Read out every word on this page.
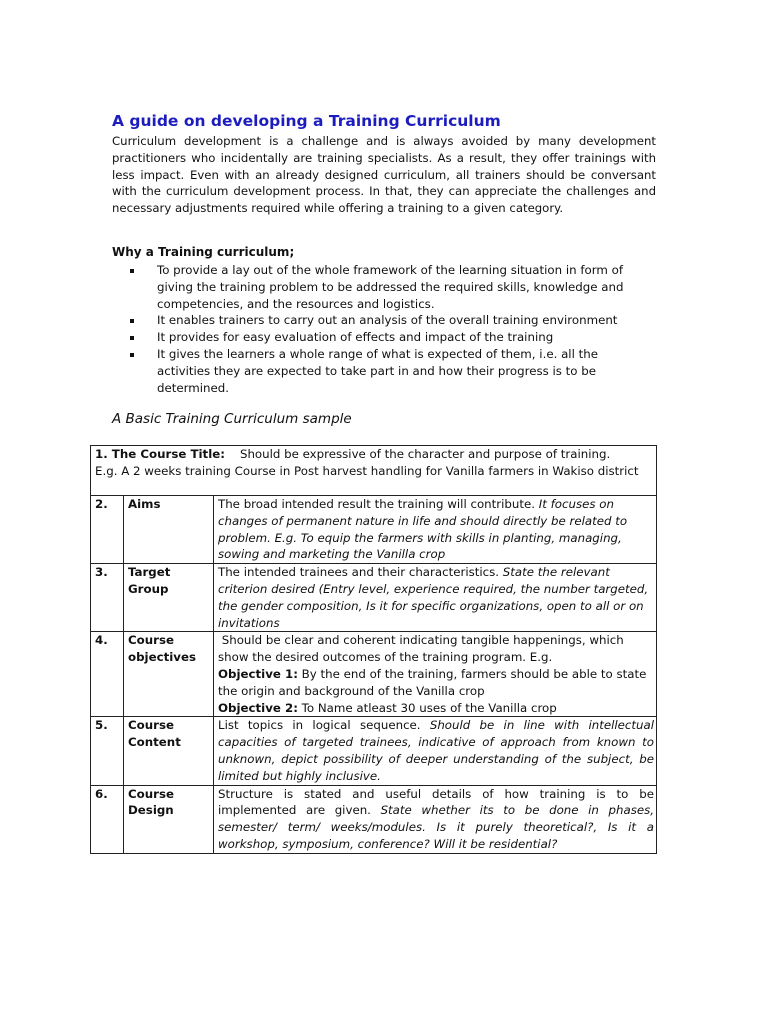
A guide on developing a Training Curriculum

Curriculum development is a challenge and is always avoided by many development practitioners who incidentally are training specialists. As a result, they offer trainings with less impact. Even with an already designed curriculum, all trainers should be conversant with the curriculum development process. In that, they can appreciate the challenges and necessary adjustments required while offering a training to a given category.

Why a Training curriculum;

To provide a lay out of the whole framework of the learning situation in form of giving the training problem to be addressed the required skills, knowledge and competencies, and the resources and logistics.
It enables trainers to carry out an analysis of the overall training environment
It provides for easy evaluation of effects and impact of the training
It gives the learners a whole range of what is expected of them, i.e. all the activities they are expected to take part in and how their progress is to be determined.

A Basic Training Curriculum sample

1. The Course Title: Should be expressive of the character and purpose of training.
E.g. A 2 weeks training Course in Post harvest handling for Vanilla farmers in Wakiso district		
2.	Aims	The broad intended result the training will contribute. It focuses on changes of permanent nature in life and should directly be related to problem. E.g. To equip the farmers with skills in planting, managing, sowing and marketing the Vanilla crop
3.	Target Group	The intended trainees and their characteristics. State the relevant criterion desired (Entry level, experience required, the number targeted, the gender composition, Is it for specific organizations, open to all or on invitations
4.	Course objectives	Should be clear and coherent indicating tangible happenings, which show the desired outcomes of the training program. E.g.
Objective 1: By the end of the training, farmers should be able to state the origin and background of the Vanilla crop
Objective 2: To Name atleast 30 uses of the Vanilla crop
5.	Course Content	List topics in logical sequence. Should be in line with intellectual capacities of targeted trainees, indicative of approach from known to unknown, depict possibility of deeper understanding of the subject, be limited but highly inclusive.
6.	Course Design	Structure is stated and useful details of how training is to be implemented are given. State whether its to be done in phases, semester/ term/ weeks/modules. Is it purely theoretical?, Is it a workshop, symposium, conference? Will it be residential?
